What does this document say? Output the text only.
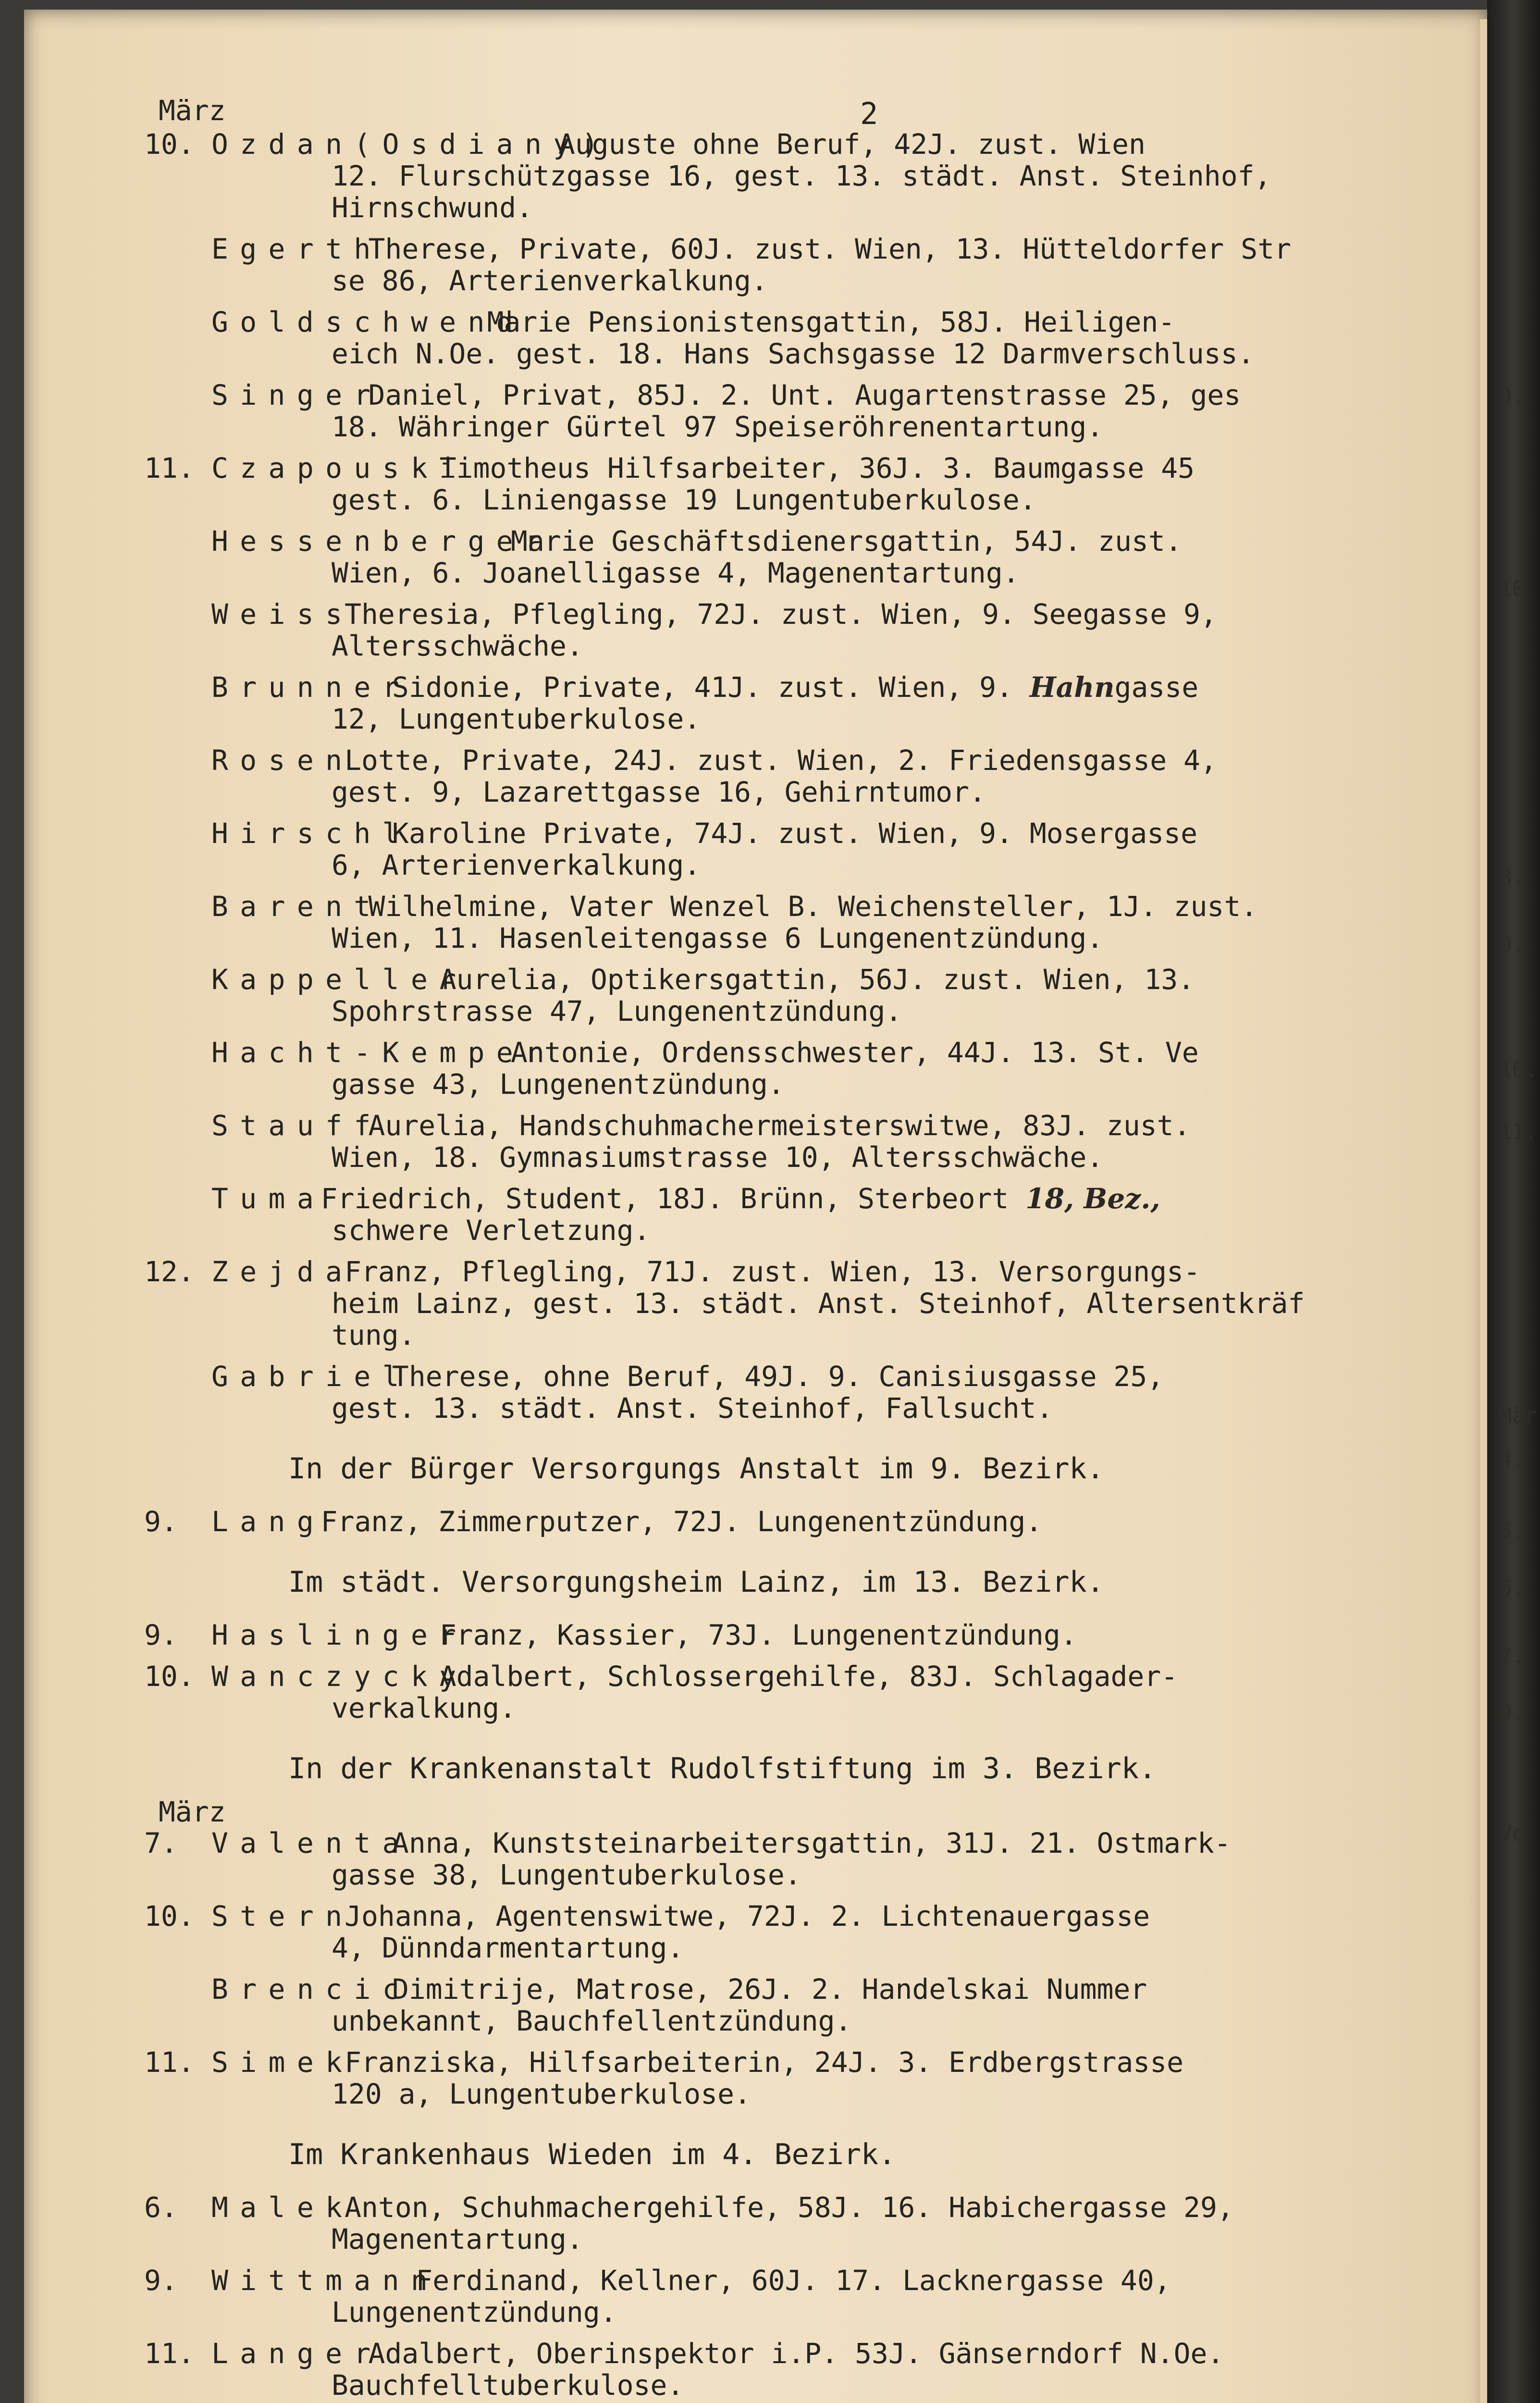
März	2
10. Ozdan(Osdiany)
Auguste ohne Beruf, 42J. zust. Wien
12. Flurschützgasse 16, gest. 13. städt. Anst. Steinhof,
Hirnschwund.
Egerth
Therese, Private, 60J. zust. Wien, 13. Hütteldorfer Str
se 86, Arterienverkalkung.
Goldschwend
Marie Pensionistensgattin, 58J. Heiligen-
eich N.Oe. gest. 18. Hans Sachsgasse 12 Darmverschluss.
Singer
Daniel, Privat, 85J. 2. Unt. Augartenstrasse 25, ges
18. Währinger Gürtel 97 Speiseröhrenentartung.
11. Czapouski
Timotheus Hilfsarbeiter, 36J. 3. Baumgasse 45
gest. 6. Liniengasse 19 Lungentuberkulose.
Hessenberger
Marie Geschäftsdienersgattin, 54J. zust.
Wien, 6. Joanelligasse 4, Magenentartung.
Weiss
Theresia, Pflegling, 72J. zust. Wien, 9. Seegasse 9,
Altersschwäche.
Brunner
Sidonie, Private, 41J. zust. Wien, 9. Hahngasse
12, Lungentuberkulose.
Rosen
Lotte, Private, 24J. zust. Wien, 2. Friedensgasse 4,
gest. 9, Lazarettgasse 16, Gehirntumor.
Hirschl
Karoline Private, 74J. zust. Wien, 9. Mosergasse
6, Arterienverkalkung.
Barent
Wilhelmine, Vater Wenzel B. Weichensteller, 1J. zust.
Wien, 11. Hasenleitengasse 6 Lungenentzündung.
Kappeller
Aurelia, Optikersgattin, 56J. zust. Wien, 13.
Spohrstrasse 47, Lungenentzündung.
Hacht-Kemper
Antonie, Ordensschwester, 44J. 13. St. Ve
gasse 43, Lungenentzündung.
Stauff
Aurelia, Handschuhmachermeisterswitwe, 83J. zust.
Wien, 18. Gymnasiumstrasse 10, Altersschwäche.
Tuma
Friedrich, Student, 18J. Brünn, Sterbeort 18, Bez.,
schwere Verletzung.
12. Zejda
Franz, Pflegling, 71J. zust. Wien, 13. Versorgungs-
heim Lainz, gest. 13. städt. Anst. Steinhof, Altersentkräf
tung.
Gabriel
Therese, ohne Beruf, 49J. 9. Canisiusgasse 25,
gest. 13. städt. Anst. Steinhof, Fallsucht.
In der Bürger Versorgungs Anstalt im 9. Bezirk.
9. Lang
Franz, Zimmerputzer, 72J. Lungenentzündung.
Im städt. Versorgungsheim Lainz, im 13. Bezirk.
9. Haslinger
Franz, Kassier, 73J. Lungenentzündung.
10. Wanczycky
Adalbert, Schlossergehilfe, 83J. Schlagader-
verkalkung.
In der Krankenanstalt Rudolfstiftung im 3. Bezirk.
März
7. Valenta
Anna, Kunststeinarbeitersgattin, 31J. 21. Ostmark-
gasse 38, Lungentuberkulose.
10. Stern
Johanna, Agentenswitwe, 72J. 2. Lichtenauergasse
4, Dünndarmentartung.
Brencic
Dimitrije, Matrose, 26J. 2. Handelskai Nummer
unbekannt, Bauchfellentzündung.
11. Simek
Franziska, Hilfsarbeiterin, 24J. 3. Erdbergstrasse
120 a, Lungentuberkulose.
Im Krankenhaus Wieden im 4. Bezirk.
6. Malek
Anton, Schuhmachergehilfe, 58J. 16. Habichergasse 29,
Magenentartung.
9. Wittmann
Ferdinand, Kellner, 60J. 17. Lacknergasse 40,
Lungenentzündung.
11. Langer
Adalbert, Oberinspektor i.P. 53J. Gänserndorf N.Oe.
Bauchfelltuberkulose.
9.
10
8.
9.
10.
11.
Mär
4.
5.
6.
7.
9.
Vo
